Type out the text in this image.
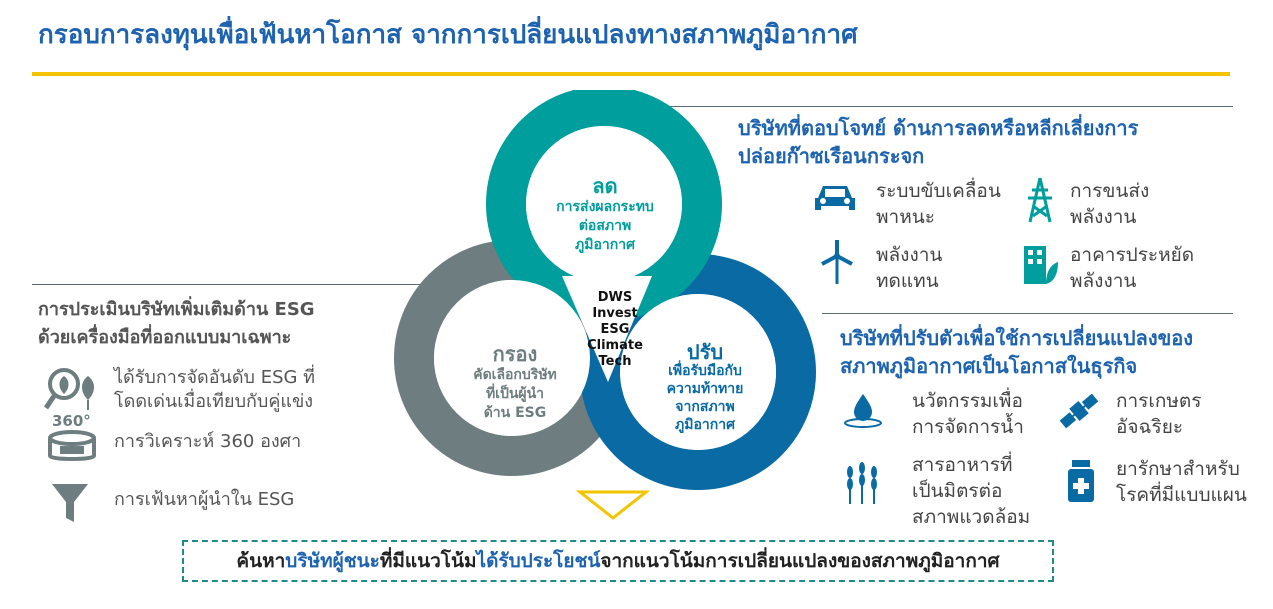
กรอบการลงทุนเพื่อเฟ้นหาโอกาส จากการเปลี่ยนแปลงทางสภาพภูมิอากาศ
ลด
การส่งผลกระทบ
ต่อสภาพ
ภูมิอากาศ
กรอง
คัดเลือกบริษัท
ที่เป็นผู้นำ
ด้าน ESG
ปรับ
เพื่อรับมือกับ
ความท้าทาย
จากสภาพ
ภูมิอากาศ
DWS
Invest
ESG
Climate
Tech
บริษัทที่ตอบโจทย์ ด้านการลดหรือหลีกเลี่ยงการ
ปล่อยก๊าซเรือนกระจก
ระบบขับเคลื่อน
พาหนะ
การขนส่ง
พลังงาน
พลังงาน
ทดแทน
อาคารประหยัด
พลังงาน
บริษัทที่ปรับตัวเพื่อใช้การเปลี่ยนแปลงของ
สภาพภูมิอากาศเป็นโอกาสในธุรกิจ
นวัตกรรมเพื่อ
การจัดการน้ำ
การเกษตร
อัจฉริยะ
สารอาหารที่
เป็นมิตรต่อ
สภาพแวดล้อม
ยารักษาสำหรับ
โรคที่มีแบบแผน
การประเมินบริษัทเพิ่มเติมด้าน ESG
ด้วยเครื่องมือที่ออกแบบมาเฉพาะ
ได้รับการจัดอันดับ ESG ที่
โดดเด่นเมื่อเทียบกับคู่แข่ง
360°
การวิเคราะห์ 360 องศา
การเฟ้นหาผู้นำใน ESG
ค้นหา บริษัทผู้ชนะ ที่มีแนวโน้ม ได้รับประโยชน์ จากแนวโน้มการเปลี่ยนแปลงของสภาพภูมิอากาศ
